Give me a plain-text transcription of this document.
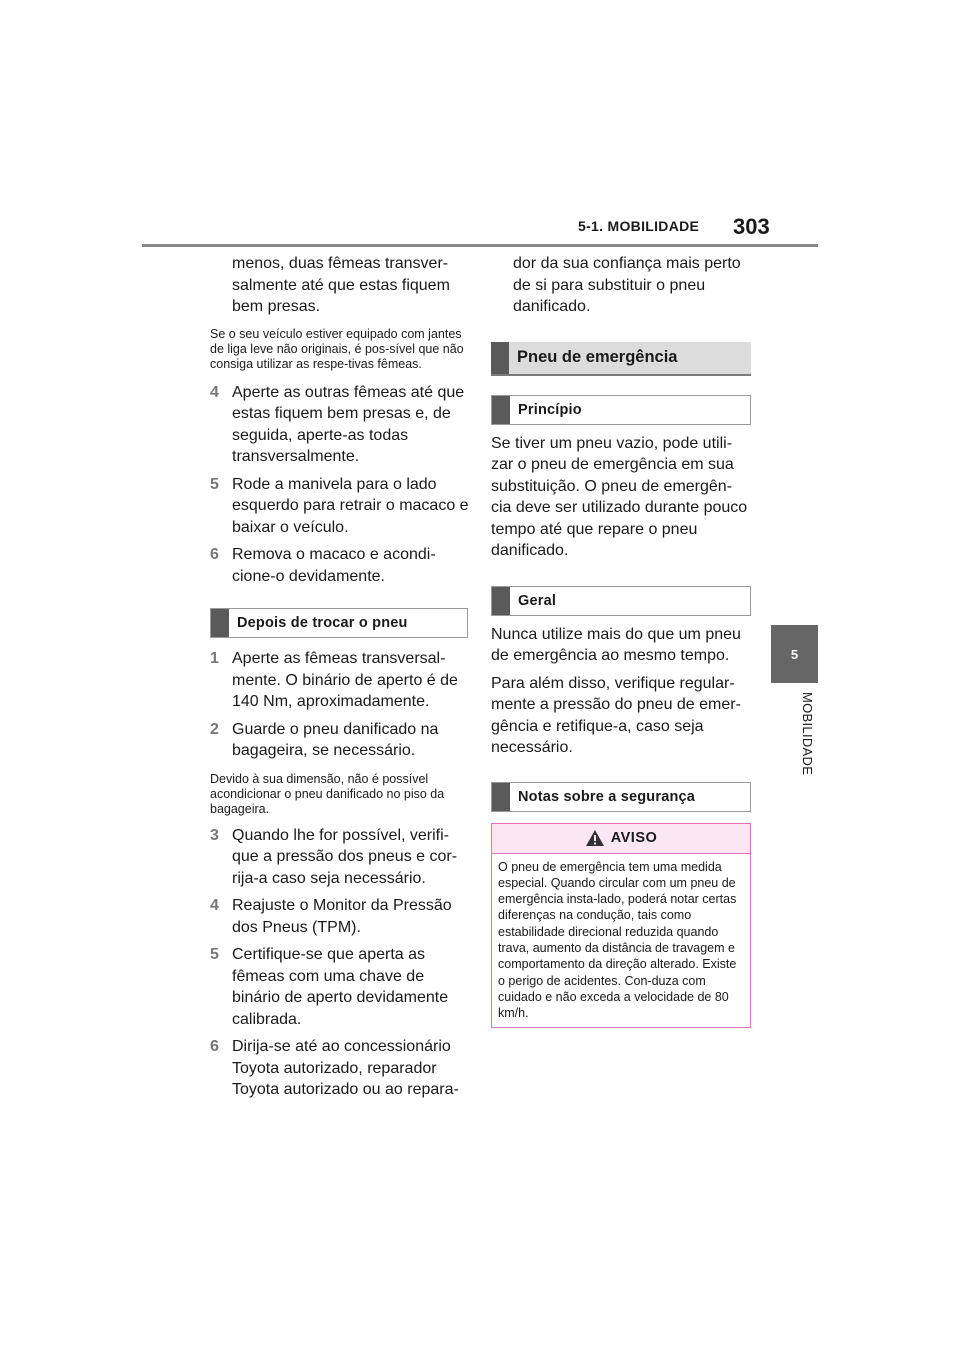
5-1. MOBILIDADE 303
5
MOBILIDADE

menos, duas fêmeas transver-salmente até que estas fiquem bem presas.

Se o seu veículo estiver equipado com jantes de liga leve não originais, é pos-sível que não consiga utilizar as respe-tivas fêmeas.

4 Aperte as outras fêmeas até que estas fiquem bem presas e, de seguida, aperte-as todas transversalmente.
5 Rode a manivela para o lado esquerdo para retrair o macaco e baixar o veículo.
6 Remova o macaco e acondi-cione-o devidamente.
Depois de trocar o pneu
1 Aperte as fêmeas transversal-mente. O binário de aperto é de 140 Nm, aproximadamente.
2 Guarde o pneu danificado na bagageira, se necessário.

Devido à sua dimensão, não é possível acondicionar o pneu danificado no piso da bagageira.

3 Quando lhe for possível, verifi-que a pressão dos pneus e cor-rija-a caso seja necessário.
4 Reajuste o Monitor da Pressão dos Pneus (TPM).
5 Certifique-se que aperta as fêmeas com uma chave de binário de aperto devidamente calibrada.
6 Dirija-se até ao concessionário Toyota autorizado, reparador Toyota autorizado ou ao repara-

dor da sua confiança mais perto de si para substituir o pneu danificado.

Pneu de emergência
Princípio

Se tiver um pneu vazio, pode utili-zar o pneu de emergência em sua substituição. O pneu de emergên-cia deve ser utilizado durante pouco tempo até que repare o pneu danificado.

Geral

Nunca utilize mais do que um pneu de emergência ao mesmo tempo.

Para além disso, verifique regular-mente a pressão do pneu de emer-gência e retifique-a, caso seja necessário.

Notas sobre a segurança
AVISO
O pneu de emergência tem uma medida especial. Quando circular com um pneu de emergência insta-lado, poderá notar certas diferenças na condução, tais como estabilidade direcional reduzida quando trava, aumento da distância de travagem e comportamento da direção alterado. Existe o perigo de acidentes. Con-duza com cuidado e não exceda a velocidade de 80 km/h.
